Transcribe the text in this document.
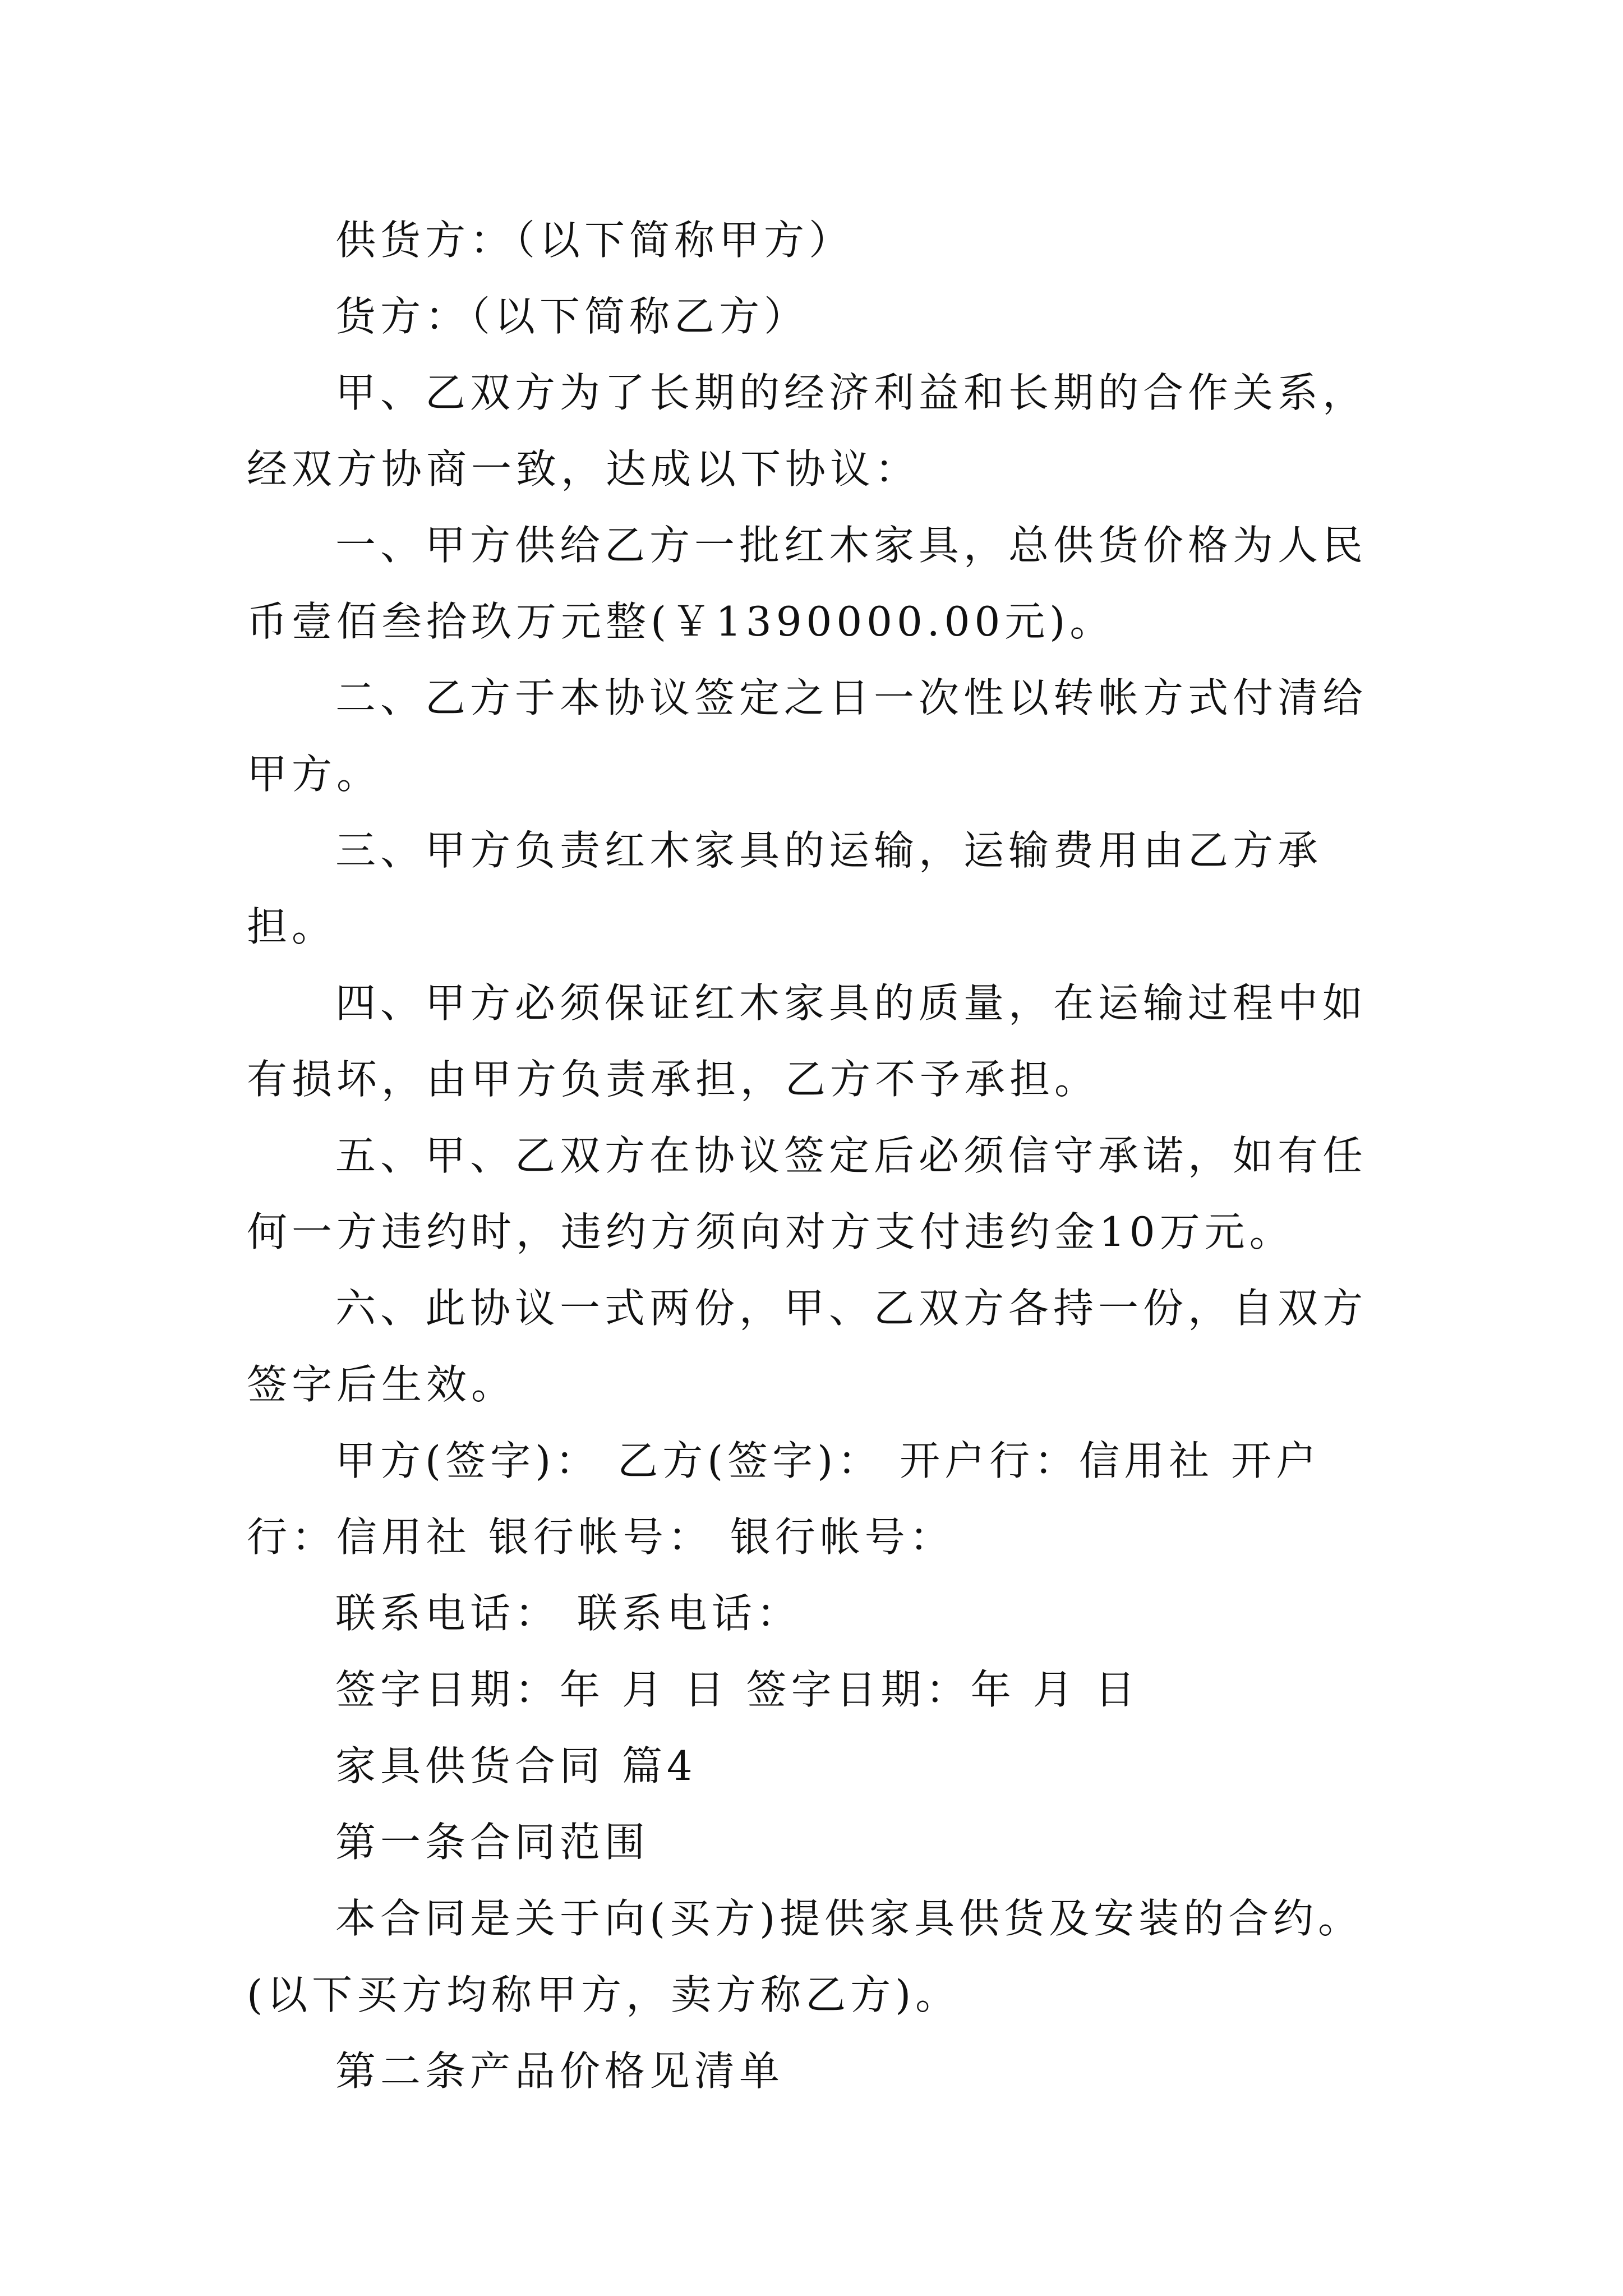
供货方：（以下简称甲方）

货方：（以下简称乙方）

甲、乙双方为了长期的经济利益和长期的合作关系，经双方协商一致，达成以下协议：

一、甲方供给乙方一批红木家具，总供货价格为人民币壹佰叁拾玖万元整(￥1390000.00元)。

二、乙方于本协议签定之日一次性以转帐方式付清给甲方。

三、甲方负责红木家具的运输，运输费用由乙方承担。

四、甲方必须保证红木家具的质量，在运输过程中如有损坏，由甲方负责承担，乙方不予承担。

五、甲、乙双方在协议签定后必须信守承诺，如有任何一方违约时，违约方须向对方支付违约金10万元。

六、此协议一式两份，甲、乙双方各持一份，自双方签字后生效。

甲方(签字)： 乙方(签字)： 开户行：信用社 开户行：信用社 银行帐号： 银行帐号：

联系电话： 联系电话：

签字日期：年 月 日 签字日期：年 月 日

家具供货合同 篇4

第一条合同范围

本合同是关于向(买方)提供家具供货及安装的合约。(以下买方均称甲方，卖方称乙方)。

第二条产品价格见清单
